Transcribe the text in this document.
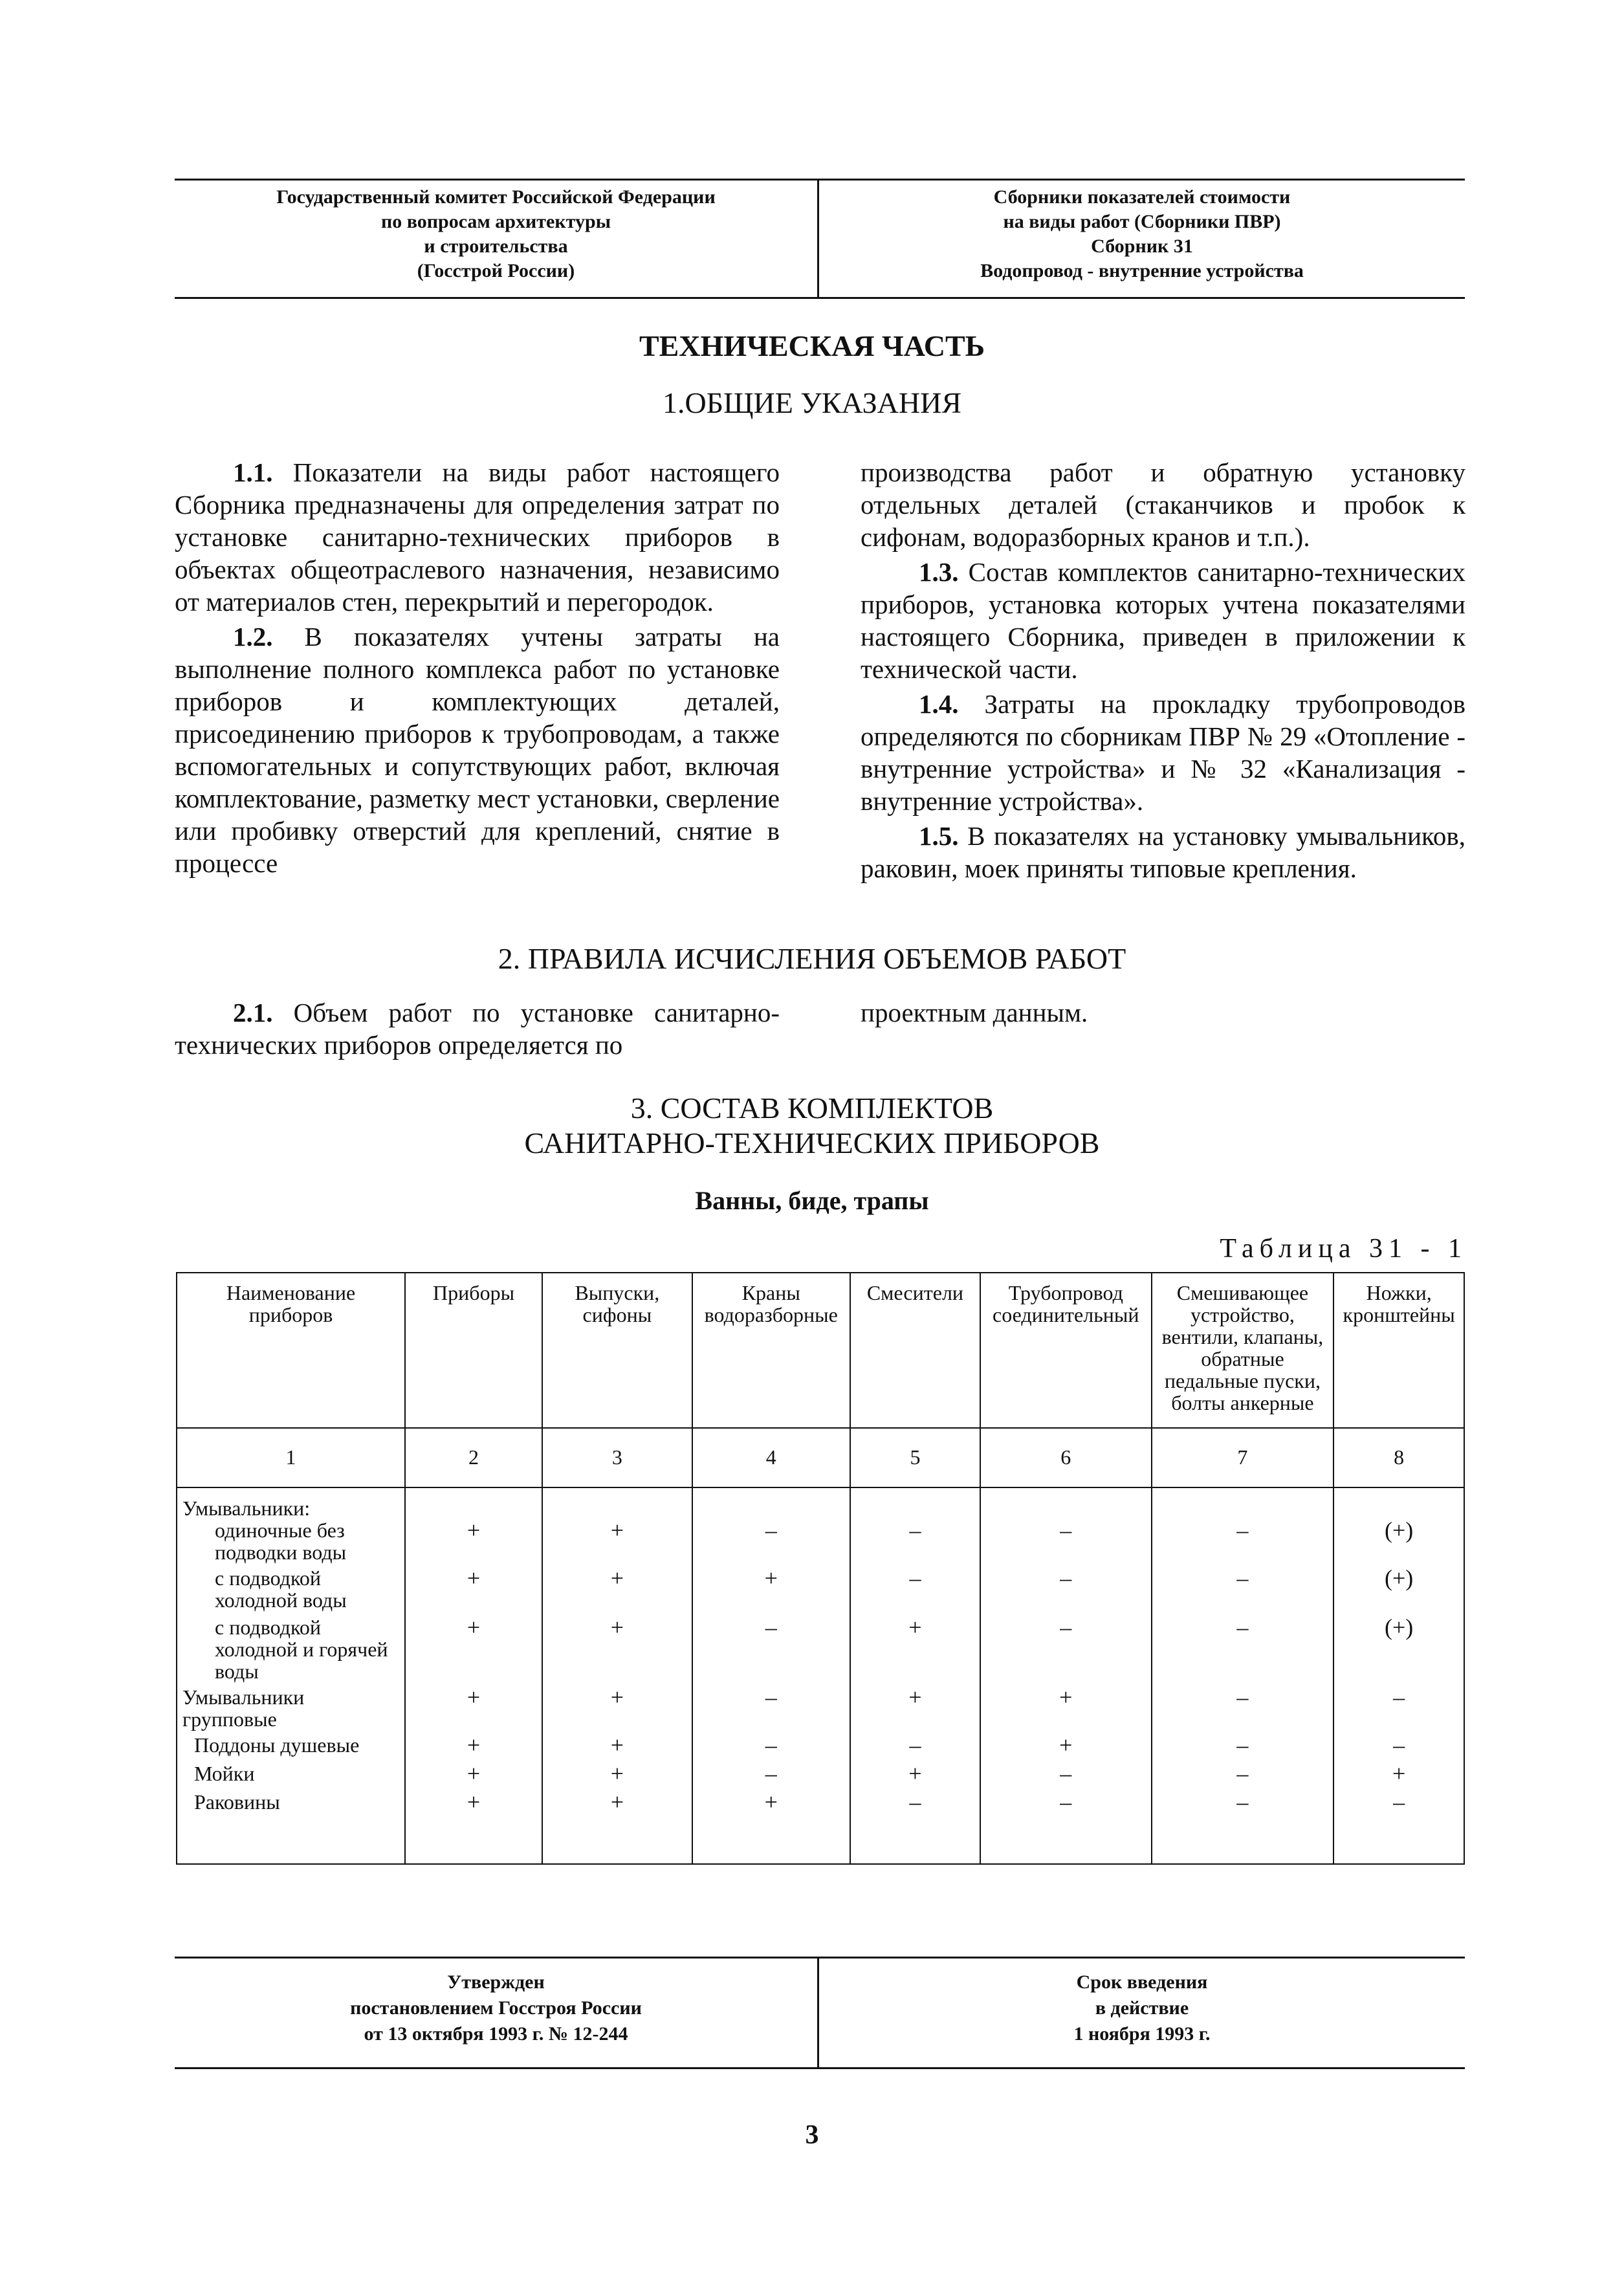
Государственный комитет Российской Федерации
по вопросам архитектуры
и строительства
(Госстрой России)
Сборники показателей стоимости
на виды работ (Сборники ПВР)
Сборник 31
Водопровод - внутренние устройства
ТЕХНИЧЕСКАЯ ЧАСТЬ
1.ОБЩИЕ УКАЗАНИЯ

1.1. Показатели на виды работ настоящего Сборника предназначены для определения затрат по установке санитарно-технических приборов в объектах общеотраслевого назначения, независимо от материалов стен, перекрытий и перегородок.

1.2. В показателях учтены затраты на выполнение полного комплекса работ по установке приборов и комплектующих деталей, присоединению приборов к трубопроводам, а также вспомогательных и сопутствующих работ, включая комплектование, разметку мест установки, сверление или пробивку отверстий для креплений, снятие в процессе

производства работ и обратную установку отдельных деталей (стаканчиков и пробок к сифонам, водоразборных кранов и т.п.).

1.3. Состав комплектов санитарно-технических приборов, установка которых учтена показателями настоящего Сборника, приведен в приложении к технической части.

1.4. Затраты на прокладку трубопроводов определяются по сборникам ПВР № 29 «Отопление - внутренние устройства» и № 32 «Канализация - внутренние устройства».

1.5. В показателях на установку умывальников, раковин, моек приняты типовые крепления.

2. ПРАВИЛА ИСЧИСЛЕНИЯ ОБЪЕМОВ РАБОТ

2.1. Объем работ по установке санитарно-технических приборов определяется по

проектным данным.

3. СОСТАВ КОМПЛЕКТОВ
САНИТАРНО-ТЕХНИЧЕСКИХ ПРИБОРОВ
Ванны, биде, трапы
Таблица 31 - 1
Наименование приборов	Приборы	Выпуски, сифоны	Краны водоразборные	Смесители	Трубопровод соединительный	Смешивающее устройство, вентили, клапаны, обратные педальные пуски, болты анкерные	Ножки, кронштейны
1	2	3	4	5	6	7	8
Умывальники:							
одиночные без подводки воды	+	+	–	–	–	–	(+)
с подводкой холодной воды	+	+	+	–	–	–	(+)
с подводкой холодной и горячей воды	+	+	–	+	–	–	(+)
Умывальники групповые	+	+	–	+	+	–	–
Поддоны душевые	+	+	–	–	+	–	–
Мойки	+	+	–	+	–	–	+
Раковины	+	+	+	–	–	–	–
Утвержден
постановлением Госстроя России
от 13 октября 1993 г. № 12-244
Срок введения
в действие
1 ноября 1993 г.
3
